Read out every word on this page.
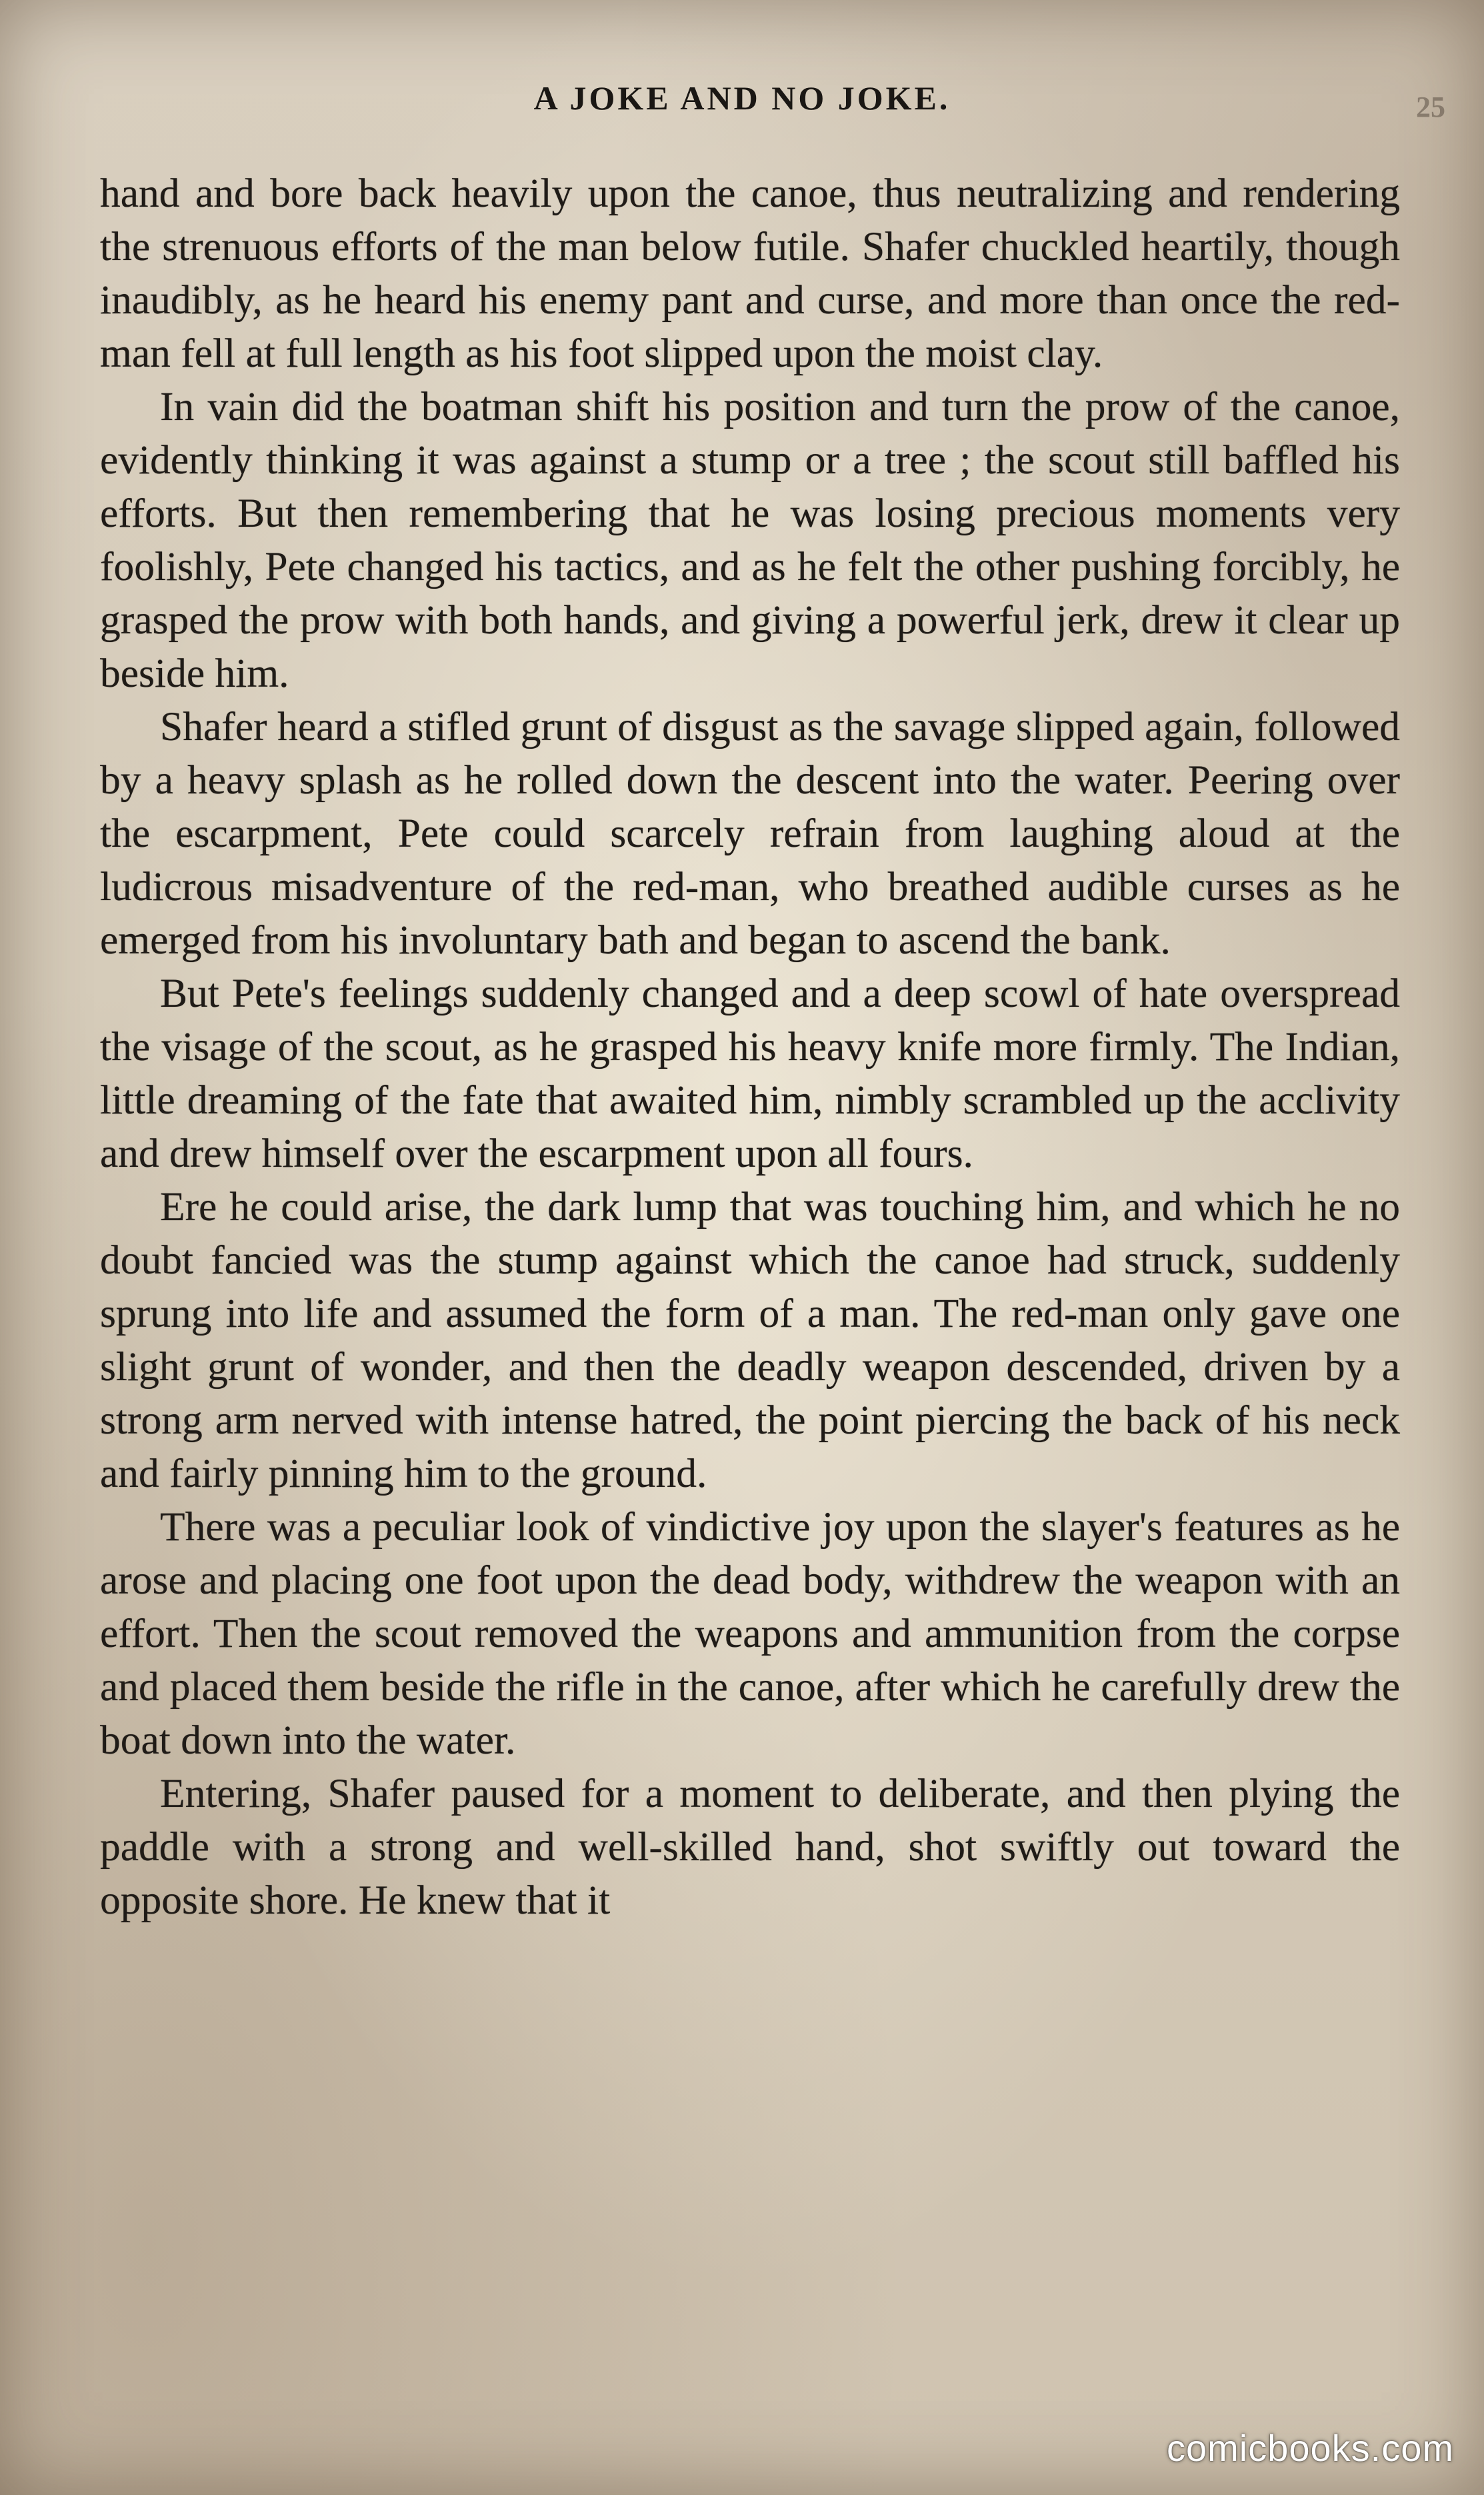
A JOKE AND NO JOKE.	25

hand and bore back heavily upon the canoe, thus neutralizing and rendering the strenuous efforts of the man below futile. Shafer chuckled heartily, though inaudibly, as he heard his enemy pant and curse, and more than once the red-man fell at full length as his foot slipped upon the moist clay.

In vain did the boatman shift his position and turn the prow of the canoe, evidently thinking it was against a stump or a tree ; the scout still baffled his efforts. But then remembering that he was losing precious moments very foolishly, Pete changed his tactics, and as he felt the other pushing forcibly, he grasped the prow with both hands, and giving a powerful jerk, drew it clear up beside him.

Shafer heard a stifled grunt of disgust as the savage slipped again, followed by a heavy splash as he rolled down the descent into the water. Peering over the escarpment, Pete could scarcely refrain from laughing aloud at the ludicrous misadventure of the red-man, who breathed audible curses as he emerged from his involuntary bath and began to ascend the bank.

But Pete's feelings suddenly changed and a deep scowl of hate overspread the visage of the scout, as he grasped his heavy knife more firmly. The Indian, little dreaming of the fate that awaited him, nimbly scrambled up the acclivity and drew himself over the escarpment upon all fours.

Ere he could arise, the dark lump that was touching him, and which he no doubt fancied was the stump against which the canoe had struck, suddenly sprung into life and assumed the form of a man. The red-man only gave one slight grunt of wonder, and then the deadly weapon descended, driven by a strong arm nerved with intense hatred, the point piercing the back of his neck and fairly pinning him to the ground.

There was a peculiar look of vindictive joy upon the slayer's features as he arose and placing one foot upon the dead body, withdrew the weapon with an effort. Then the scout removed the weapons and ammunition from the corpse and placed them beside the rifle in the canoe, after which he carefully drew the boat down into the water.

Entering, Shafer paused for a moment to deliberate, and then plying the paddle with a strong and well-skilled hand, shot swiftly out toward the opposite shore. He knew that it

comicbooks.com
